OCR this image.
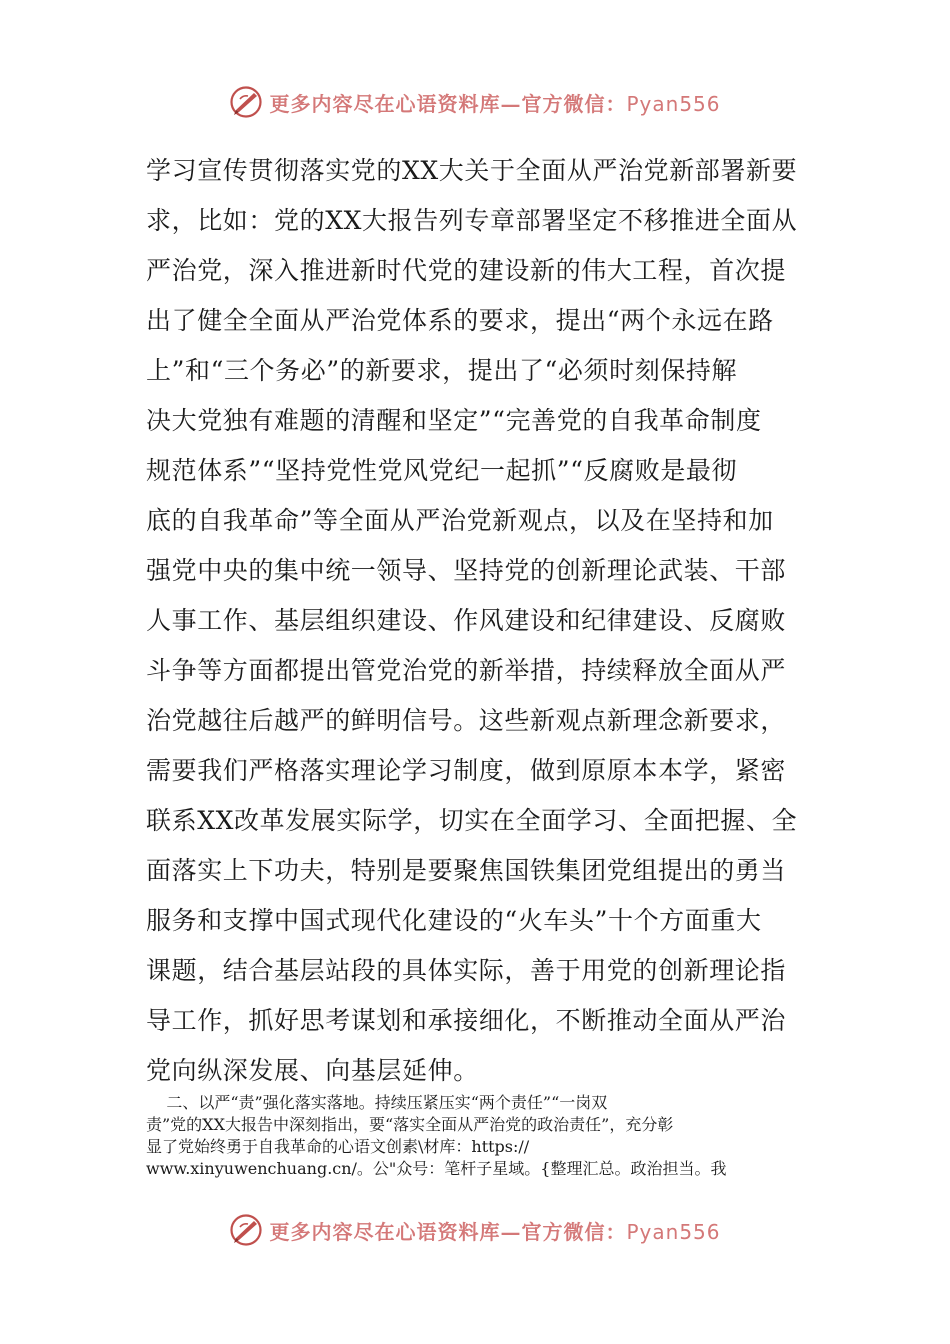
更多内容尽在心语资料库—官方微信：Pyan556
学习宣传贯彻落实党的XX大关于全面从严治党新部署新要
求，比如：党的XX大报告列专章部署坚定不移推进全面从
严治党，深入推进新时代党的建设新的伟大工程，首次提
出了健全全面从严治党体系的要求，提出“两个永远在路
上”和“三个务必”的新要求，提出了“必须时刻保持解
决大党独有难题的清醒和坚定”“完善党的自我革命制度
规范体系”“坚持党性党风党纪一起抓”“反腐败是最彻
底的自我革命”等全面从严治党新观点，以及在坚持和加
强党中央的集中统一领导、坚持党的创新理论武装、干部
人事工作、基层组织建设、作风建设和纪律建设、反腐败
斗争等方面都提出管党治党的新举措，持续释放全面从严
治党越往后越严的鲜明信号。这些新观点新理念新要求，
需要我们严格落实理论学习制度，做到原原本本学，紧密
联系XX改革发展实际学，切实在全面学习、全面把握、全
面落实上下功夫，特别是要聚焦国铁集团党组提出的勇当
服务和支撑中国式现代化建设的“火车头”十个方面重大
课题，结合基层站段的具体实际，善于用党的创新理论指
导工作，抓好思考谋划和承接细化，不断推动全面从严治
党向纵深发展、向基层延伸。
二、以严“责”强化落实落地。持续压紧压实“两个责任”“一岗双
责”党的XX大报告中深刻指出，要“落实全面从严治党的政治责任”，充分彰
显了党始终勇于自我革命的心语文创素\材库：https://
www.xinyuwenchuang.cn/。公"众号：笔杆子星域。{整理汇总。政治担当。我
更多内容尽在心语资料库—官方微信：Pyan556
